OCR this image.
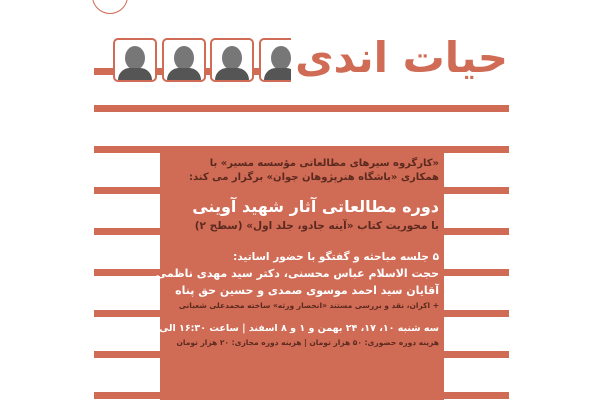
حیات اندی

«کارگروه سیرهای مطالعاتی مؤسسه مسیر» با

همکاری «باشگاه هنرپژوهان جوان» برگزار می کند:

دوره مطالعاتی آثار شهید آوینی

با محوریت کتاب «آینه جادو، جلد اول» (سطح ۲)

۵ جلسه مباحثه و گفتگو با حضور اساتید:

حجت الاسلام عباس محسنی، دکتر سید مهدی ناظمی

آقایان سید احمد موسوی صمدی و حسین حق پناه

+ اکران، نقد و بررسی مستند «انحصار ورثه» ساخته محمدعلی شعبانی

سه شنبه ۱۰، ۱۷، ۲۴ بهمن و ۱ و ۸ اسفند | ساعت ۱۶:۳۰ الی ۱۸

هزینه دوره حضوری: ۵۰ هزار تومان | هزینه دوره مجازی: ۲۰ هزار تومان
